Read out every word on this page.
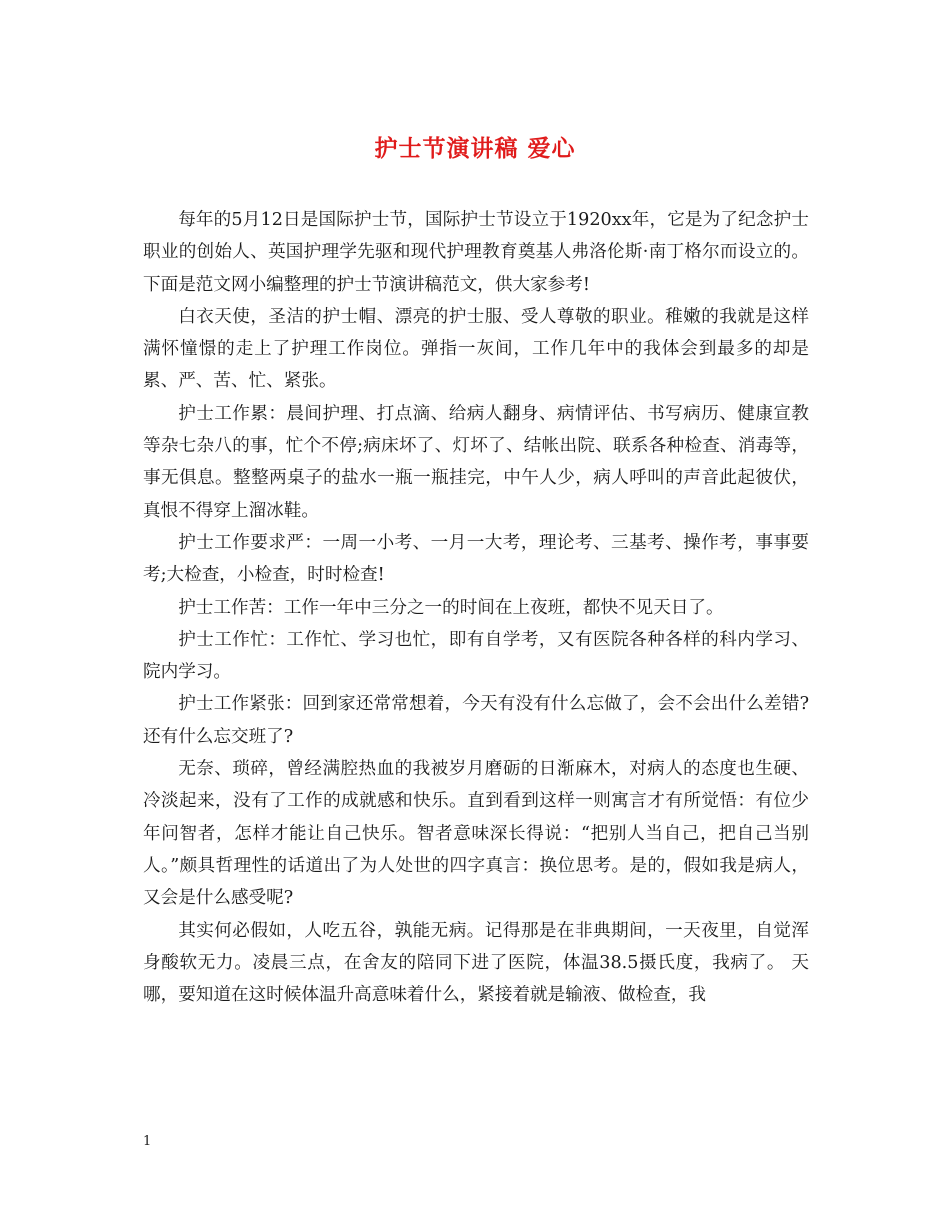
护士节演讲稿 爱心

每年的5月12日是国际护士节，国际护士节设立于1920xx年，它是为了纪念护士职业的创始人、英国护理学先驱和现代护理教育奠基人弗洛伦斯·南丁格尔而设立的。下面是范文网小编整理的护士节演讲稿范文，供大家参考!

白衣天使，圣洁的护士帽、漂亮的护士服、受人尊敬的职业。稚嫩的我就是这样满怀憧憬的走上了护理工作岗位。弹指一灰间，工作几年中的我体会到最多的却是累、严、苦、忙、紧张。

护士工作累：晨间护理、打点滴、给病人翻身、病情评估、书写病历、健康宣教等杂七杂八的事，忙个不停;病床坏了、灯坏了、结帐出院、联系各种检查、消毒等，事无俱息。整整两桌子的盐水一瓶一瓶挂完，中午人少，病人呼叫的声音此起彼伏，真恨不得穿上溜冰鞋。

护士工作要求严：一周一小考、一月一大考，理论考、三基考、操作考，事事要考;大检查，小检查，时时检查!

护士工作苦：工作一年中三分之一的时间在上夜班，都快不见天日了。

护士工作忙：工作忙、学习也忙，即有自学考，又有医院各种各样的科内学习、院内学习。

护士工作紧张：回到家还常常想着，今天有没有什么忘做了，会不会出什么差错?还有什么忘交班了?

无奈、琐碎，曾经满腔热血的我被岁月磨砺的日渐麻木，对病人的态度也生硬、冷淡起来，没有了工作的成就感和快乐。直到看到这样一则寓言才有所觉悟：有位少年问智者，怎样才能让自己快乐。智者意味深长得说：“把别人当自己，把自己当别人。”颇具哲理性的话道出了为人处世的四字真言：换位思考。是的，假如我是病人，又会是什么感受呢?

其实何必假如，人吃五谷，孰能无病。记得那是在非典期间，一天夜里，自觉浑身酸软无力。凌晨三点，在舍友的陪同下进了医院，体温38.5摄氏度，我病了。 天哪，要知道在这时候体温升高意味着什么，紧接着就是输液、做检查，我

1
